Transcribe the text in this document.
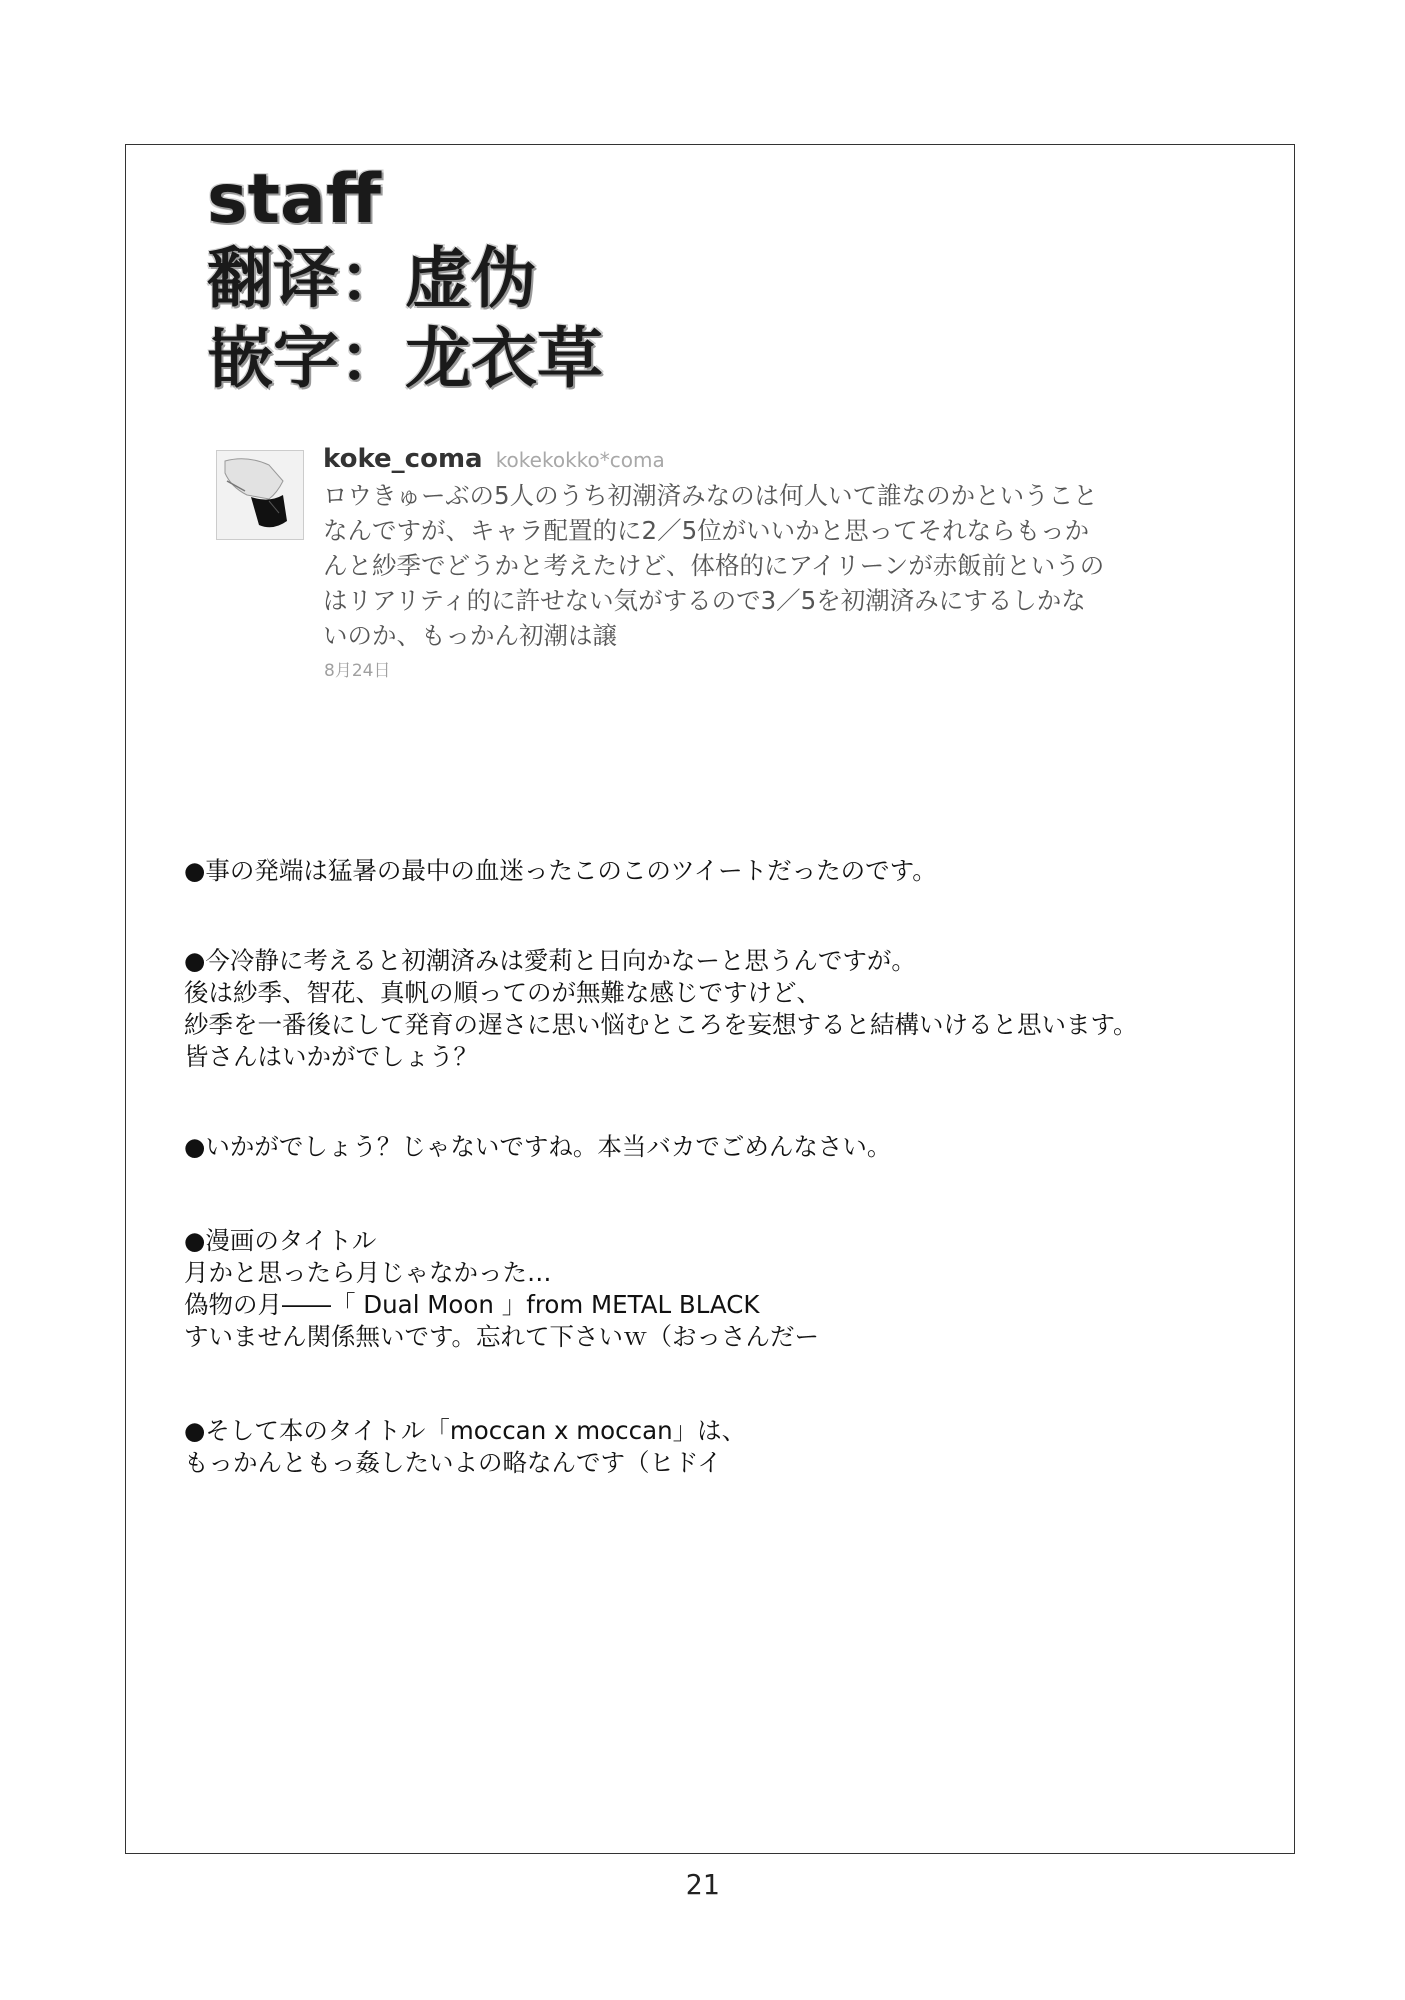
staff
翻译：虚伪
嵌字：龙衣草
koke_coma kokekokko*coma
ロウきゅーぶの5人のうち初潮済みなのは何人いて誰なのかということ
なんですが、キャラ配置的に2／5位がいいかと思ってそれならもっか
んと紗季でどうかと考えたけど、体格的にアイリーンが赤飯前というの
はリアリティ的に許せない気がするので3／5を初潮済みにするしかな
いのか、もっかん初潮は譲
8月24日
●事の発端は猛暑の最中の血迷ったこのこのツイートだったのです。
●今冷静に考えると初潮済みは愛莉と日向かなーと思うんですが。
後は紗季、智花、真帆の順ってのが無難な感じですけど、
紗季を一番後にして発育の遅さに思い悩むところを妄想すると結構いけると思います。
皆さんはいかがでしょう？
●いかがでしょう？じゃないですね。本当バカでごめんなさい。
●漫画のタイトル
月かと思ったら月じゃなかった…
偽物の月――「 Dual Moon 」from METAL BLACK
すいません関係無いです。忘れて下さいｗ（おっさんだー
●そして本のタイトル「moccan x moccan」は、
もっかんともっ姦したいよの略なんです（ヒドイ
21
